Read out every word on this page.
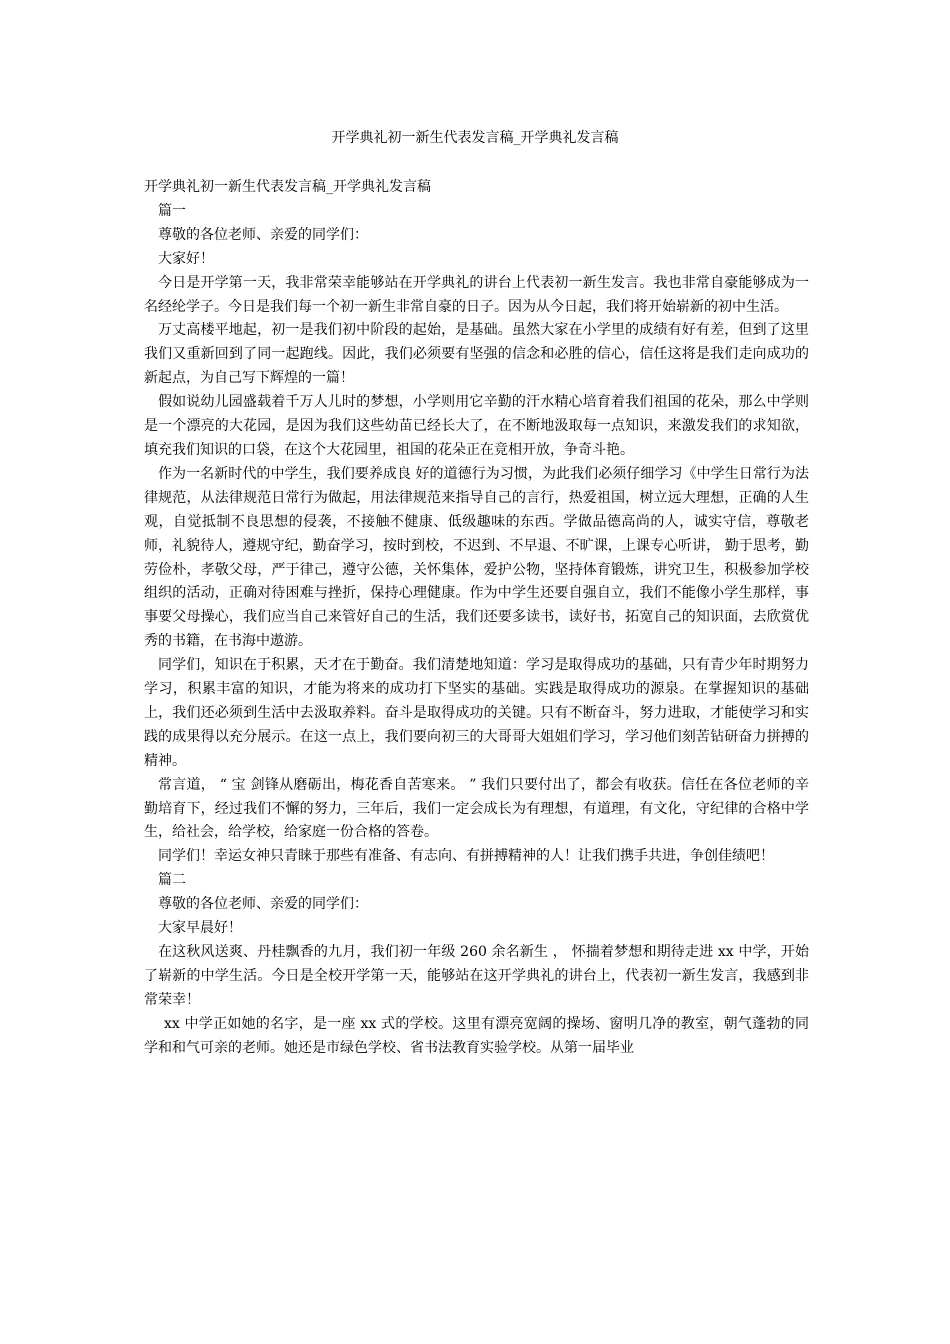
开学典礼初一新生代表发言稿_开学典礼发言稿

开学典礼初一新生代表发言稿_开学典礼发言稿

篇一

尊敬的各位老师、亲爱的同学们：

大家好！

今日是开学第一天，我非常荣幸能够站在开学典礼的讲台上代表初一新生发言。我也非常自豪能够成为一名经纶学子。今日是我们每一个初一新生非常自豪的日子。因为从今日起，我们将开始崭新的初中生活。

万丈高楼平地起，初一是我们初中阶段的起始，是基础。虽然大家在小学里的成绩有好有差，但到了这里我们又重新回到了同一起跑线。因此，我们必须要有坚强的信念和必胜的信心，信任这将是我们走向成功的新起点，为自己写下辉煌的一篇！

假如说幼儿园盛载着千万人儿时的梦想，小学则用它辛勤的汗水精心培育着我们祖国的花朵，那么中学则是一个漂亮的大花园，是因为我们这些幼苗已经长大了，在不断地汲取每一点知识，来激发我们的求知欲，填充我们知识的口袋，在这个大花园里，祖国的花朵正在竞相开放，争奇斗艳。

作为一名新时代的中学生，我们要养成良 好的道德行为习惯，为此我们必须仔细学习《中学生日常行为法律规范，从法律规范日常行为做起，用法律规范来指导自己的言行，热爱祖国，树立远大理想，正确的人生观，自觉抵制不良思想的侵袭，不接触不健康、低级趣味的东西。学做品德高尚的人，诚实守信，尊敬老师，礼貌待人，遵规守纪，勤奋学习，按时到校，不迟到、不早退、不旷课，上课专心听讲， 勤于思考，勤劳俭朴，孝敬父母，严于律己，遵守公德，关怀集体，爱护公物，坚持体育锻炼，讲究卫生，积极参加学校组织的活动，正确对待困难与挫折，保持心理健康。作为中学生还要自强自立，我们不能像小学生那样，事 事要父母操心，我们应当自己来管好自己的生活，我们还要多读书，读好书，拓宽自己的知识面，去欣赏优秀的书籍，在书海中遨游。

同学们，知识在于积累，天才在于勤奋。我们清楚地知道：学习是取得成功的基础，只有青少年时期努力学习，积累丰富的知识，才能为将来的成功打下坚实的基础。实践是取得成功的源泉。在掌握知识的基础上，我们还必须到生活中去汲取养料。奋斗是取得成功的关键。只有不断奋斗，努力进取，才能使学习和实践的成果得以充分展示。在这一点上，我们要向初三的大哥哥大姐姐们学习，学习他们刻苦钻研奋力拼搏的精神。

常言道， “ 宝 剑锋从磨砺出，梅花香自苦寒来。 ” 我们只要付出了，都会有收获。信任在各位老师的辛勤培育下，经过我们不懈的努力，三年后，我们一定会成长为有理想，有道理，有文化，守纪律的合格中学生，给社会，给学校，给家庭一份合格的答卷。

同学们！幸运女神只青睐于那些有准备、有志向、有拼搏精神的人！让我们携手共进，争创佳绩吧！

篇二

尊敬的各位老师、亲爱的同学们：

大家早晨好！

在这秋风送爽、丹桂飘香的九月，我们初一年级 260 余名新生 ， 怀揣着梦想和期待走进 xx 中学，开始了崭新的中学生活。今日是全校开学第一天，能够站在这开学典礼的讲台上，代表初一新生发言，我感到非常荣幸！

xx 中学正如她的名字，是一座 xx 式的学校。这里有漂亮宽阔的操场、窗明几净的教室，朝气蓬勃的同学和和气可亲的老师。她还是市绿色学校、省书法教育实验学校。从第一届毕业
